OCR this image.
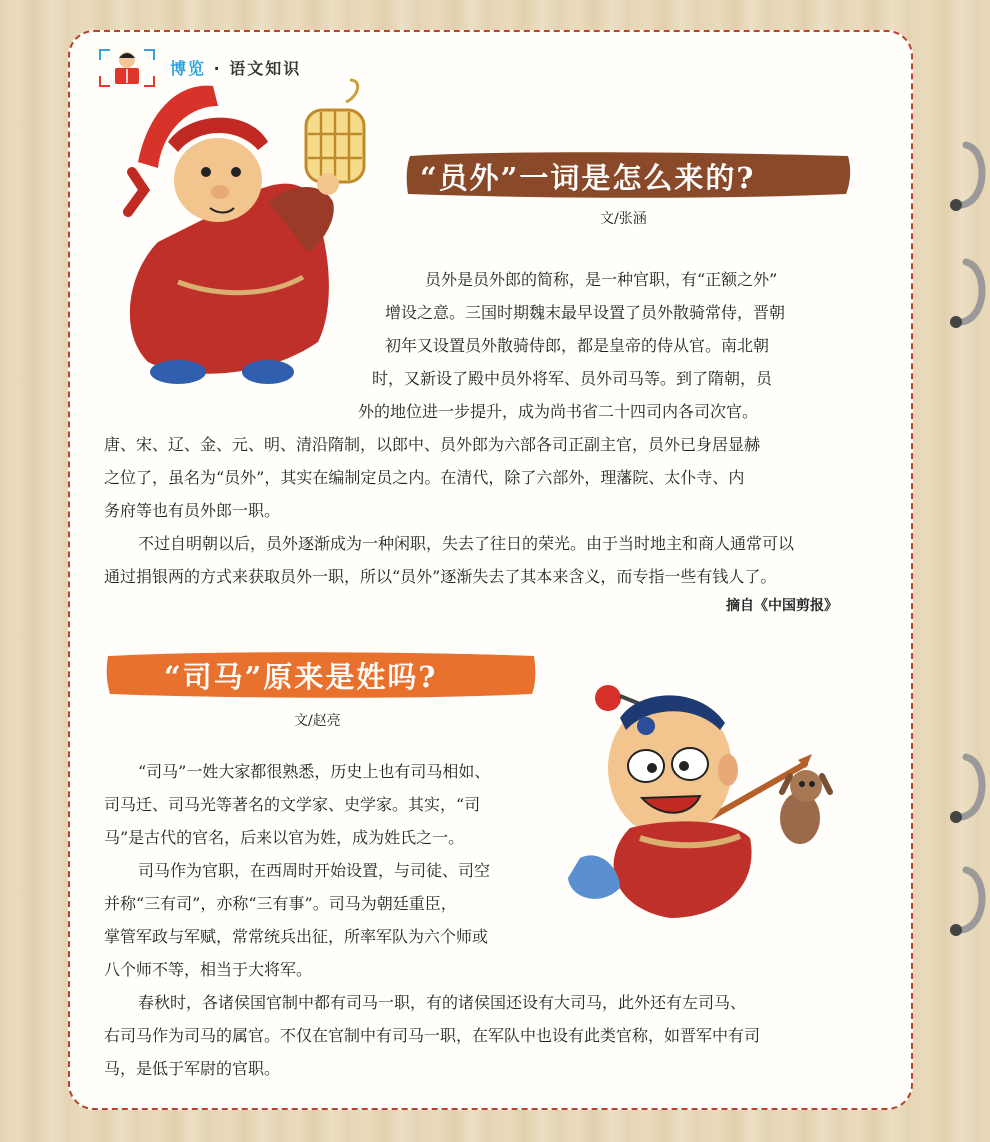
博览 · 语文知识
“员外”一词是怎么来的?
文/张涵
员外是员外郎的简称，是一种官职，有“正额之外”
增设之意。三国时期魏末最早设置了员外散骑常侍，晋朝
初年又设置员外散骑侍郎，都是皇帝的侍从官。南北朝
时，又新设了殿中员外将军、员外司马等。到了隋朝，员
外的地位进一步提升，成为尚书省二十四司内各司次官。
唐、宋、辽、金、元、明、清沿隋制，以郎中、员外郎为六部各司正副主官，员外已身居显赫
之位了，虽名为“员外”，其实在编制定员之内。在清代，除了六部外，理藩院、太仆寺、内
务府等也有员外郎一职。
不过自明朝以后，员外逐渐成为一种闲职，失去了往日的荣光。由于当时地主和商人通常可以
通过捐银两的方式来获取员外一职，所以“员外”逐渐失去了其本来含义，而专指一些有钱人了。
摘自《中国剪报》
“司马”原来是姓吗?
文/赵亮
“司马”一姓大家都很熟悉，历史上也有司马相如、
司马迁、司马光等著名的文学家、史学家。其实，“司
马”是古代的官名，后来以官为姓，成为姓氏之一。
司马作为官职，在西周时开始设置，与司徒、司空
并称“三有司”，亦称“三有事”。司马为朝廷重臣，
掌管军政与军赋，常常统兵出征，所率军队为六个师或
八个师不等，相当于大将军。
春秋时，各诸侯国官制中都有司马一职，有的诸侯国还设有大司马，此外还有左司马、
右司马作为司马的属官。不仅在官制中有司马一职，在军队中也设有此类官称，如晋军中有司
马，是低于军尉的官职。
